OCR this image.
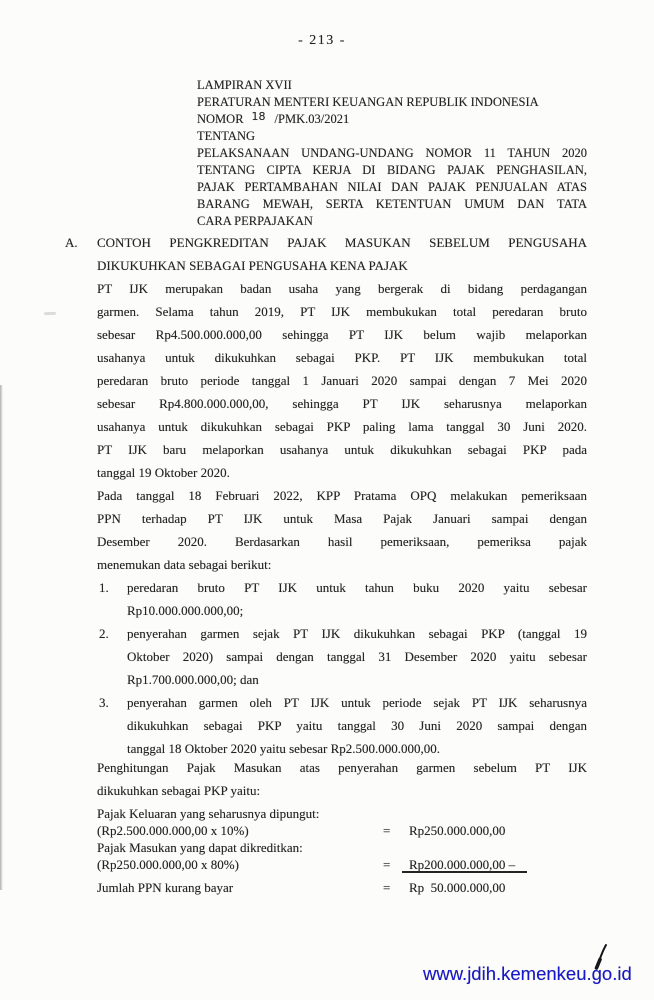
- 213 -
LAMPIRAN XVII
PERATURAN MENTERI KEUANGAN REPUBLIK INDONESIA
NOMOR 18 /PMK.03/2021
TENTANG
PELAKSANAAN UNDANG-UNDANG NOMOR 11 TAHUN 2020
TENTANG CIPTA KERJA DI BIDANG PAJAK PENGHASILAN,
PAJAK PERTAMBAHAN NILAI DAN PAJAK PENJUALAN ATAS
BARANG MEWAH, SERTA KETENTUAN UMUM DAN TATA
CARA PERPAJAKAN
A. CONTOH PENGKREDITAN PAJAK MASUKAN SEBELUM PENGUSAHA
DIKUKUHKAN SEBAGAI PENGUSAHA KENA PAJAK
PT IJK merupakan badan usaha yang bergerak di bidang perdagangan
garmen. Selama tahun 2019, PT IJK membukukan total peredaran bruto
sebesar Rp4.500.000.000,00 sehingga PT IJK belum wajib melaporkan
usahanya untuk dikukuhkan sebagai PKP. PT IJK membukukan total
peredaran bruto periode tanggal 1 Januari 2020 sampai dengan 7 Mei 2020
sebesar Rp4.800.000.000,00, sehingga PT IJK seharusnya melaporkan
usahanya untuk dikukuhkan sebagai PKP paling lama tanggal 30 Juni 2020.
PT IJK baru melaporkan usahanya untuk dikukuhkan sebagai PKP pada
tanggal 19 Oktober 2020.
Pada tanggal 18 Februari 2022, KPP Pratama OPQ melakukan pemeriksaan
PPN terhadap PT IJK untuk Masa Pajak Januari sampai dengan
Desember 2020. Berdasarkan hasil pemeriksaan, pemeriksa pajak
menemukan data sebagai berikut:
1.	peredaran bruto PT IJK untuk tahun buku 2020 yaitu sebesar
Rp10.000.000.000,00;
2.	penyerahan garmen sejak PT IJK dikukuhkan sebagai PKP (tanggal 19
Oktober 2020) sampai dengan tanggal 31 Desember 2020 yaitu sebesar
Rp1.700.000.000,00; dan
3.	penyerahan garmen oleh PT IJK untuk periode sejak PT IJK seharusnya
dikukuhkan sebagai PKP yaitu tanggal 30 Juni 2020 sampai dengan
tanggal 18 Oktober 2020 yaitu sebesar Rp2.500.000.000,00.
Penghitungan Pajak Masukan atas penyerahan garmen sebelum PT IJK
dikukuhkan sebagai PKP yaitu:
Pajak Keluaran yang seharusnya dipungut:
(Rp2.500.000.000,00 x 10%)	=	Rp250.000.000,00
Pajak Masukan yang dapat dikreditkan:
(Rp250.000.000,00 x 80%)	=	Rp200.000.000,00 –
Jumlah PPN kurang bayar	=	Rp  50.000.000,00
www.jdih.kemenkeu.go.id
